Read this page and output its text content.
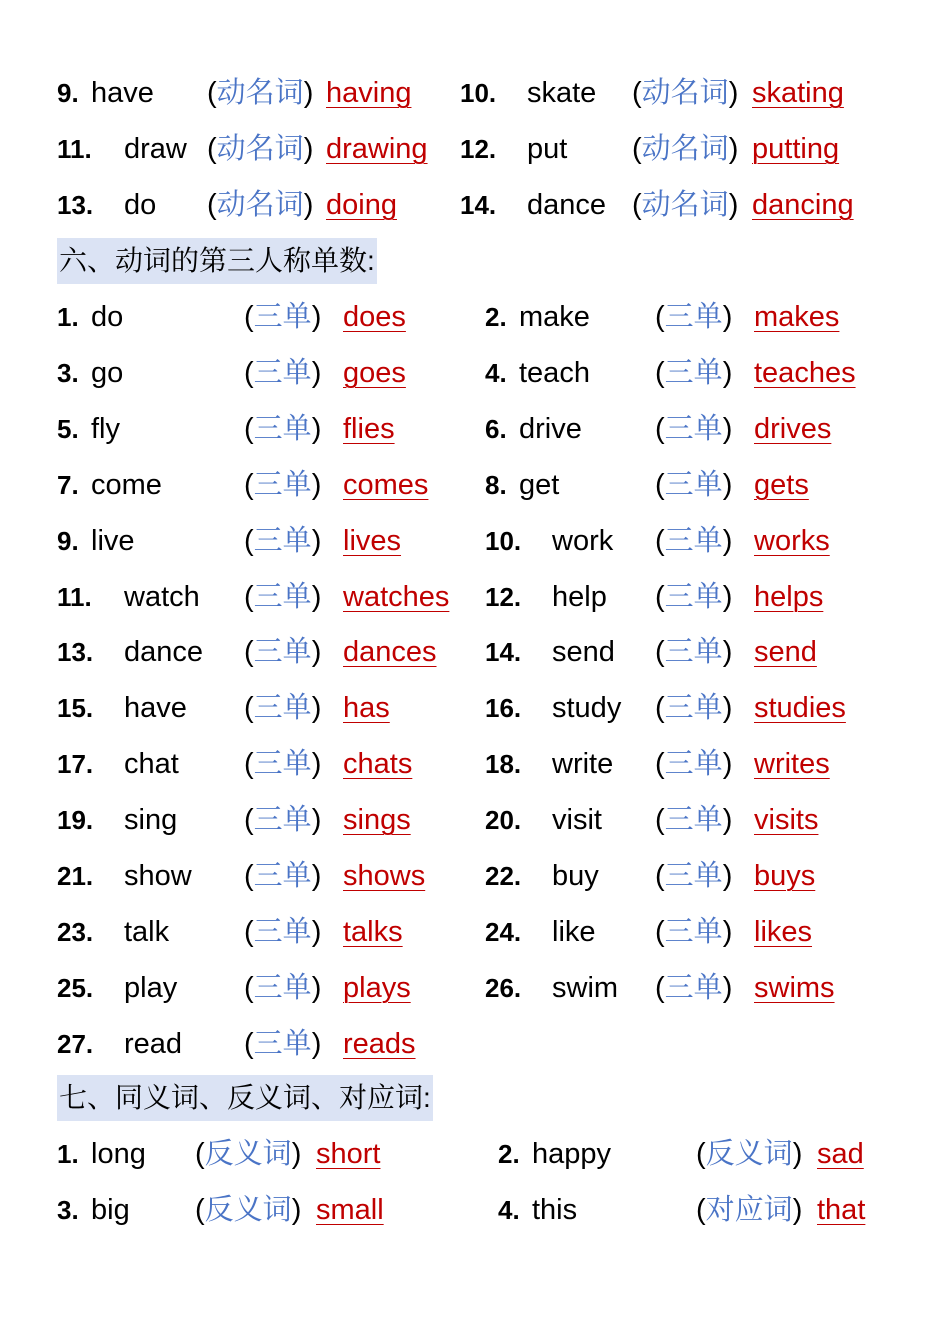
六、动词的第三人称单数:
七、同义词、反义词、对应词:
9. have (动名词) having 10. skate (动名词) skating
11. draw (动名词) drawing 12. put (动名词) putting
13. do (动名词) doing 14. dance (动名词) dancing
1. do	(三单) does	2. make (三单) makes
3. go	(三单) goes	4. teach (三单) teaches
5. fly	(三单) flies	6. drive	(三单) drives
7. come	(三单) comes 8. get	(三单) gets
9. live	(三单) lives	10. work (三单) works
11. watch (三单) watches 12. help (三单) helps
13. dance (三单) dances 14. send (三单) send
15. have (三单) has	16. study (三单) studies
17. chat (三单) chats	18. write (三单) writes
19. sing (三单) sings	20. visit (三单) visits
21. show (三单) shows 22. buy (三单) buys
23. talk	(三单) talks	24. like (三单) likes
25. play (三单) plays	26. swim (三单) swims
27. read (三单) reads
1. long (反义词) short	2. happy	(反义词) sad
3. big (反义词) small	4. this	(对应词) that
